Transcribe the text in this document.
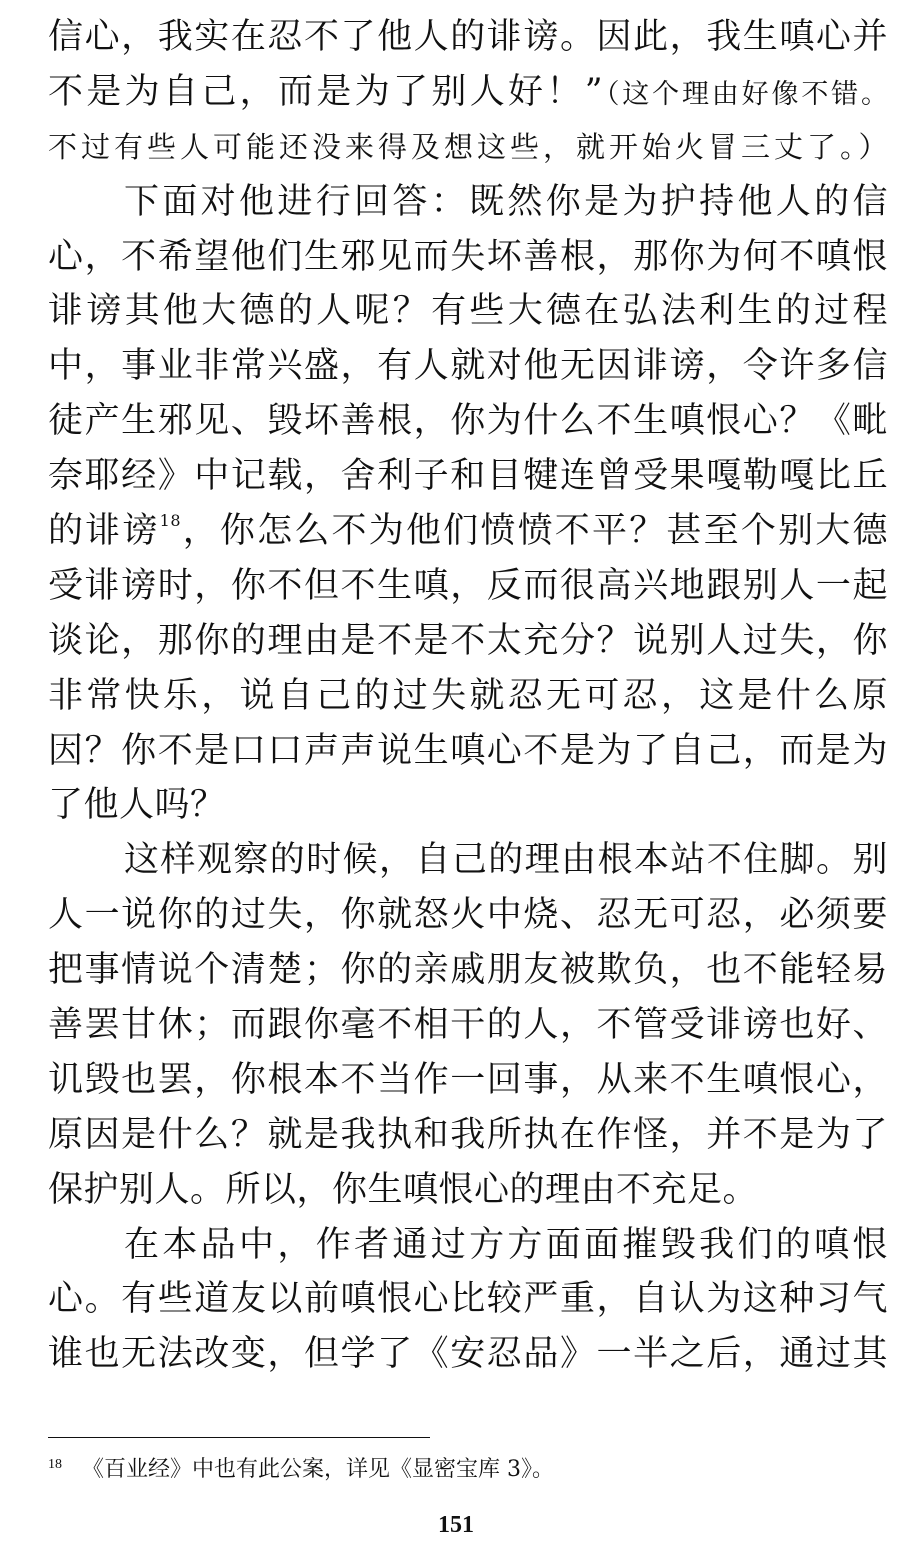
信心，我实在忍不了他人的诽谤。因此，我生嗔心并
不是为自己，而是为了别人好！”（这个理由好像不错。
不过有些人可能还没来得及想这些，就开始火冒三丈了。）
下面对他进行回答：既然你是为护持他人的信
心，不希望他们生邪见而失坏善根，那你为何不嗔恨
诽谤其他大德的人呢？有些大德在弘法利生的过程
中，事业非常兴盛，有人就对他无因诽谤，令许多信
徒产生邪见、毁坏善根，你为什么不生嗔恨心？《毗
奈耶经》中记载，舍利子和目犍连曾受果嘎勒嘎比丘
的诽谤$^{18}$，你怎么不为他们愤愤不平？甚至个别大德
受诽谤时，你不但不生嗔，反而很高兴地跟别人一起
谈论，那你的理由是不是不太充分？说别人过失，你
非常快乐，说自己的过失就忍无可忍，这是什么原
因？你不是口口声声说生嗔心不是为了自己，而是为
了他人吗？
这样观察的时候，自己的理由根本站不住脚。别
人一说你的过失，你就怒火中烧、忍无可忍，必须要
把事情说个清楚；你的亲戚朋友被欺负，也不能轻易
善罢甘休；而跟你毫不相干的人，不管受诽谤也好、
讥毁也罢，你根本不当作一回事，从来不生嗔恨心，
原因是什么？就是我执和我所执在作怪，并不是为了
保护别人。所以，你生嗔恨心的理由不充足。
在本品中，作者通过方方面面摧毁我们的嗔恨
心。有些道友以前嗔恨心比较严重，自认为这种习气
谁也无法改变，但学了《安忍品》一半之后，通过其
$^{18}$ 《百业经》中也有此公案，详见《显密宝库 3》。
151
